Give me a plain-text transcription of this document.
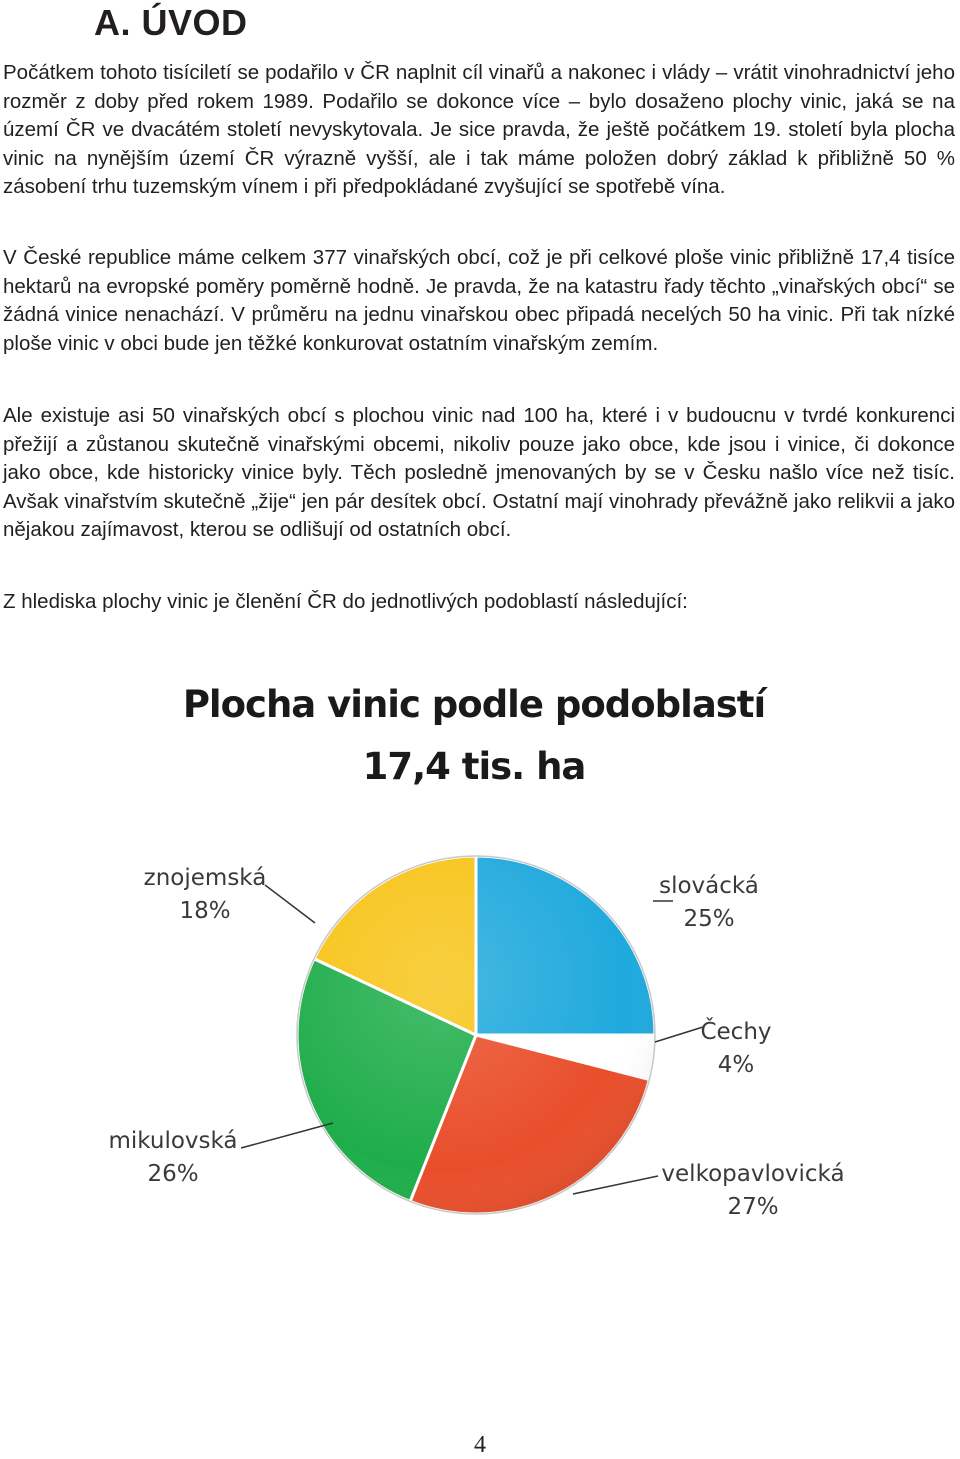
A. ÚVOD

Počátkem tohoto tisíciletí se podařilo v ČR naplnit cíl vinařů a nakonec i vlády – vrátit vinohradnictví jeho rozměr z doby před rokem 1989. Podařilo se dokonce více – bylo dosaženo plochy vinic, jaká se na území ČR ve dvacátém století nevyskytovala. Je sice pravda, že ještě počátkem 19. století byla plocha vinic na nynějším území ČR výrazně vyšší, ale i tak máme položen dobrý základ k přibližně 50 % zásobení trhu tuzemským vínem i při předpokládané zvyšující se spotřebě vína.

V České republice máme celkem 377 vinařských obcí, což je při celkové ploše vinic přibližně 17,4 tisíce hektarů na evropské poměry poměrně hodně. Je pravda, že na katastru řady těchto „vinařských obcí“ se žádná vinice nenachází. V průměru na jednu vinařskou obec připadá necelých 50 ha vinic. Při tak nízké ploše vinic v obci bude jen těžké konkurovat ostatním vinařským zemím.

Ale existuje asi 50 vinařských obcí s plochou vinic nad 100 ha, které i v budoucnu v tvrdé konkurenci přežijí a zůstanou skutečně vinařskými obcemi, nikoliv pouze jako obce, kde jsou i vinice, či dokonce jako obce, kde historicky vinice byly. Těch posledně jmenovaných by se v Česku našlo více než tisíc. Avšak vinařstvím skutečně „žije“ jen pár desítek obcí. Ostatní mají vinohrady převážně jako relikvii a jako nějakou zajímavost, kterou se odlišují od ostatních obcí.

Z hlediska plochy vinic je členění ČR do jednotlivých podoblastí následující:

Plocha vinic podle podoblastí
17,4 tis. ha
slovácká
25%
Čechy
4%
velkopavlovická
27%
mikulovská
26%
znojemská
18%
4
